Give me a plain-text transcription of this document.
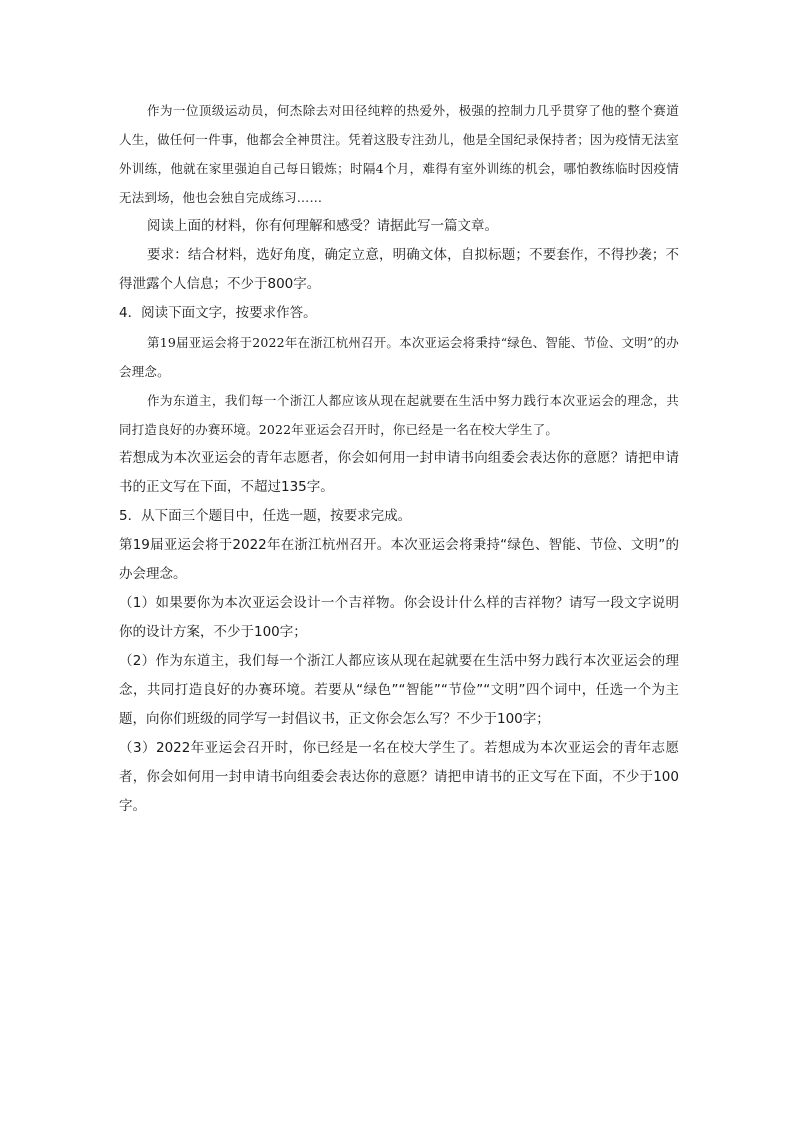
作为一位顶级运动员，何杰除去对田径纯粹的热爱外，极强的控制力几乎贯穿了他的整个赛道人生，做任何一件事，他都会全神贯注。凭着这股专注劲儿，他是全国纪录保持者；因为疫情无法室外训练，他就在家里强迫自己每日锻炼；时隔4个月，难得有室外训练的机会，哪怕教练临时因疫情无法到场，他也会独自完成练习……

阅读上面的材料，你有何理解和感受？请据此写一篇文章。

要求：结合材料，选好角度，确定立意，明确文体，自拟标题；不要套作，不得抄袭；不得泄露个人信息；不少于800字。

4．阅读下面文字，按要求作答。

第19届亚运会将于2022年在浙江杭州召开。本次亚运会将秉持“绿色、智能、节俭、文明”的办会理念。

作为东道主，我们每一个浙江人都应该从现在起就要在生活中努力践行本次亚运会的理念，共同打造良好的办赛环境。2022年亚运会召开时，你已经是一名在校大学生了。

若想成为本次亚运会的青年志愿者，你会如何用一封申请书向组委会表达你的意愿？请把申请书的正文写在下面，不超过135字。

5．从下面三个题目中，任选一题，按要求完成。

第19届亚运会将于2022年在浙江杭州召开。本次亚运会将秉持“绿色、智能、节俭、文明”的办会理念。

（1）如果要你为本次亚运会设计一个吉祥物。你会设计什么样的吉祥物？请写一段文字说明你的设计方案，不少于100字；

（2）作为东道主，我们每一个浙江人都应该从现在起就要在生活中努力践行本次亚运会的理念，共同打造良好的办赛环境。若要从“绿色”“智能”“节俭”“文明”四个词中，任选一个为主题，向你们班级的同学写一封倡议书，正文你会怎么写？不少于100字；

（3）2022年亚运会召开时，你已经是一名在校大学生了。若想成为本次亚运会的青年志愿者，你会如何用一封申请书向组委会表达你的意愿？请把申请书的正文写在下面，不少于100字。
